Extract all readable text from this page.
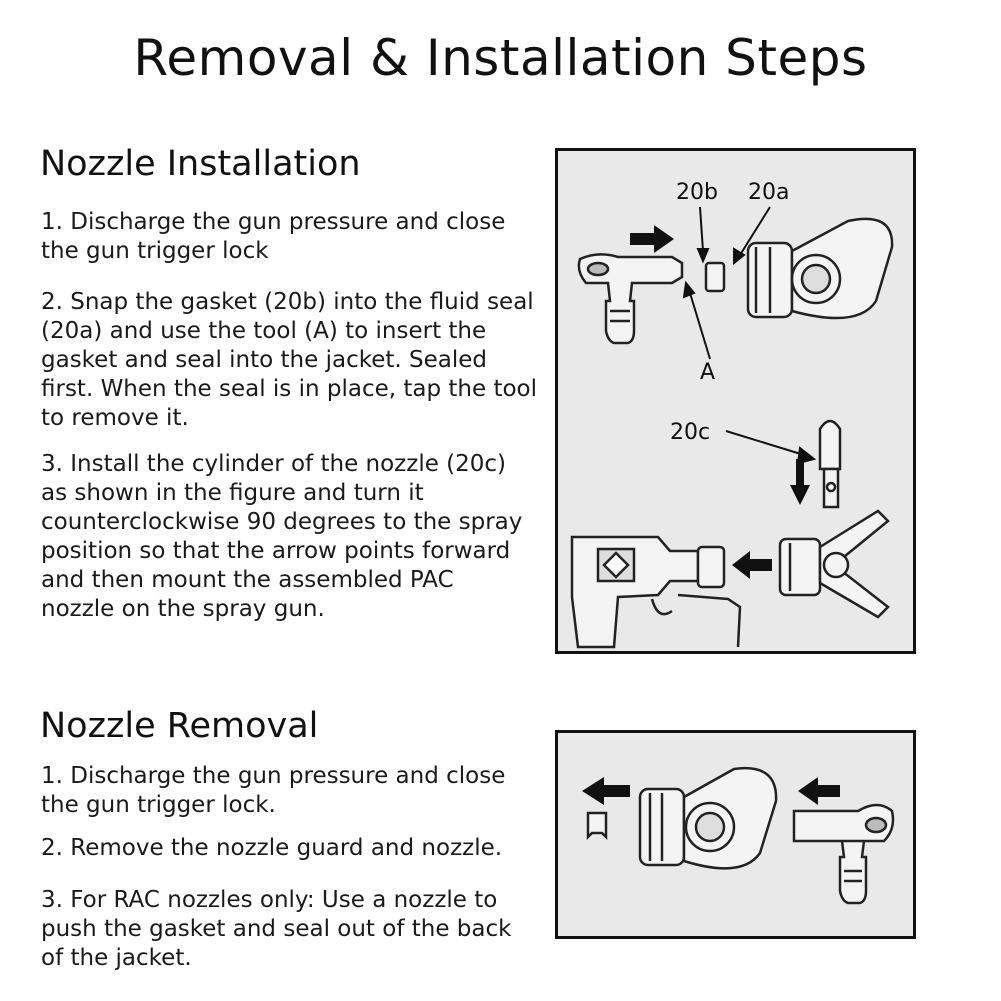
Removal & Installation Steps
Nozzle Installation
1. Discharge the gun pressure and close the gun trigger lock
2. Snap the gasket (20b) into the fluid seal (20a) and use the tool (A) to insert the gasket and seal into the jacket. Sealed first. When the seal is in place, tap the tool to remove it.
3. Install the cylinder of the nozzle (20c) as shown in the figure and turn it counterclockwise 90 degrees to the spray position so that the arrow points forward and then mount the assembled PAC nozzle on the spray gun.
20b 20a
A
20c
Nozzle Removal
1. Discharge the gun pressure and close the gun trigger lock.
2. Remove the nozzle guard and nozzle.
3. For RAC nozzles only: Use a nozzle to push the gasket and seal out of the back of the jacket.
